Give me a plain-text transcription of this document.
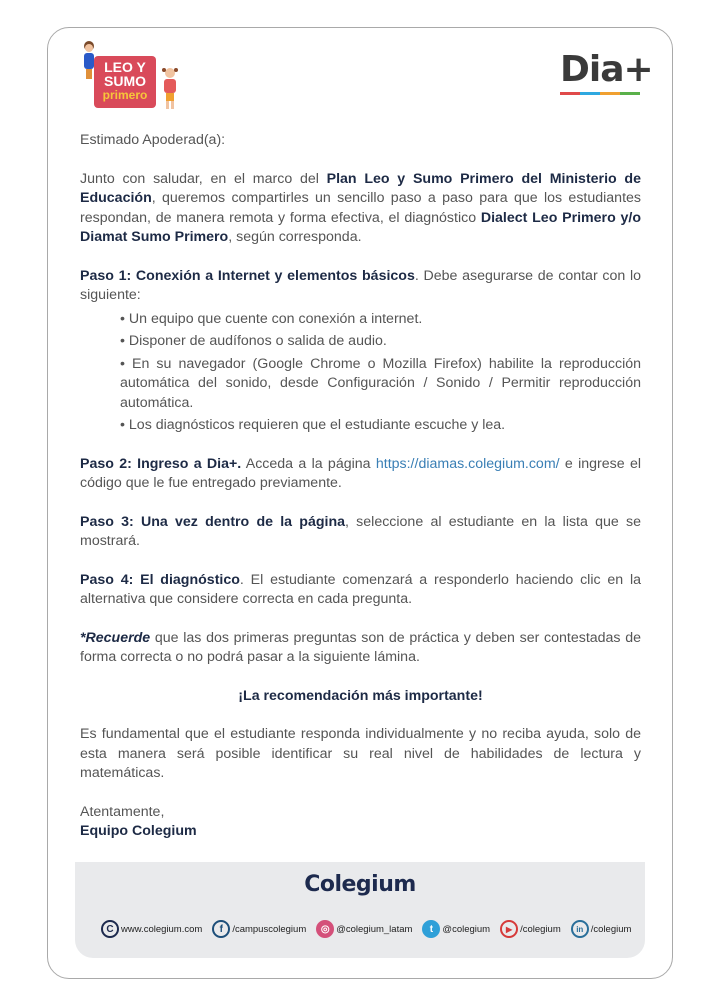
LEO Y
SUMO
primero
Dia+

Estimado Apoderad(a):

Junto con saludar, en el marco del Plan Leo y Sumo Primero del Ministerio de Educación, queremos compartirles un sencillo paso a paso para que los estudiantes respondan, de manera remota y forma efectiva, el diagnóstico Dialect Leo Primero y/o Diamat Sumo Primero, según corresponda.

Paso 1: Conexión a Internet y elementos básicos. Debe asegurarse de contar con lo siguiente:
• Un equipo que cuente con conexión a internet.
• Disponer de audífonos o salida de audio.
• En su navegador (Google Chrome o Mozilla Firefox) habilite la reproducción automática del sonido, desde Configuración / Sonido / Permitir reproducción automática.
• Los diagnósticos requieren que el estudiante escuche y lea.

Paso 2: Ingreso a Dia+. Acceda a la página https://diamas.colegium.com/ e ingrese el código que le fue entregado previamente.

Paso 3: Una vez dentro de la página, seleccione al estudiante en la lista que se mostrará.

Paso 4: El diagnóstico. El estudiante comenzará a responderlo haciendo clic en la alternativa que considere correcta en cada pregunta.

*Recuerde que las dos primeras preguntas son de práctica y deben ser contestadas de forma correcta o no podrá pasar a la siguiente lámina.

¡La recomendación más importante!

Es fundamental que el estudiante responda individualmente y no reciba ayuda, solo de esta manera será posible identificar su real nivel de habilidades de lectura y matemáticas.

Atentamente,
Equipo Colegium
Colegium
C www.colegium.com	f /campuscolegium	◎ @colegium_latam	t @colegium	▶ /colegium	in /colegium
